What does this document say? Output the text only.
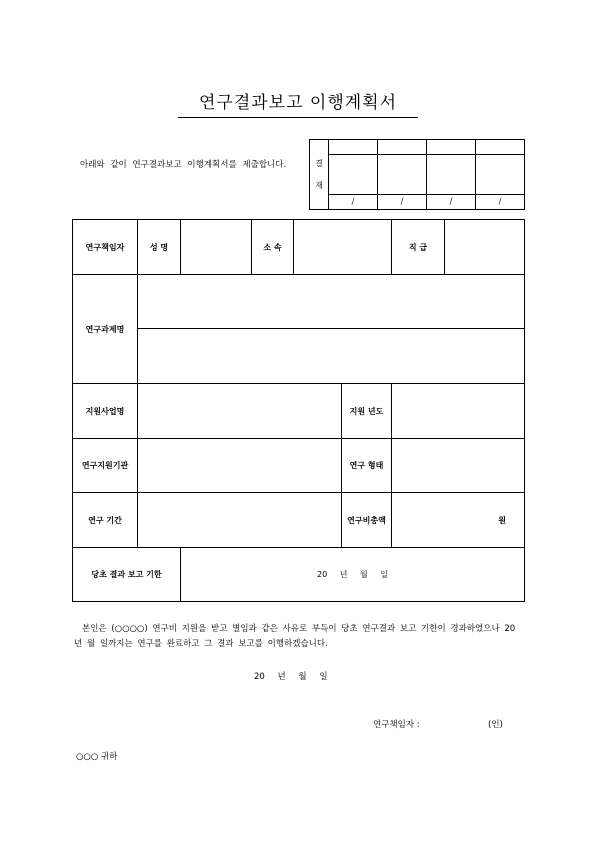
연구결과보고 이행계획서
아래와 같이 연구결과보고 이행계획서를 제출합니다.	결
재				

	/	/	/	/
연구책임자	성 명		소 속			직 급	
연구과제명							

지원사업명					지원 년도		
연구지원기관					연구 형태		
연구 기간					연구비총액	원	
당초 결과 보고 기한		20 년 월 일					
본인은 (○○○○) 연구비 지원을 받고 별임과 같은 사유로 부득이 당초 연구결과 보고 기한이 경과하였으나 20 년 월 일까지는 연구를 완료하고 그 결과 보고를 이행하겠습니다.
20 년 월 일
연구책임자 :	(인)
○○○ 귀하
